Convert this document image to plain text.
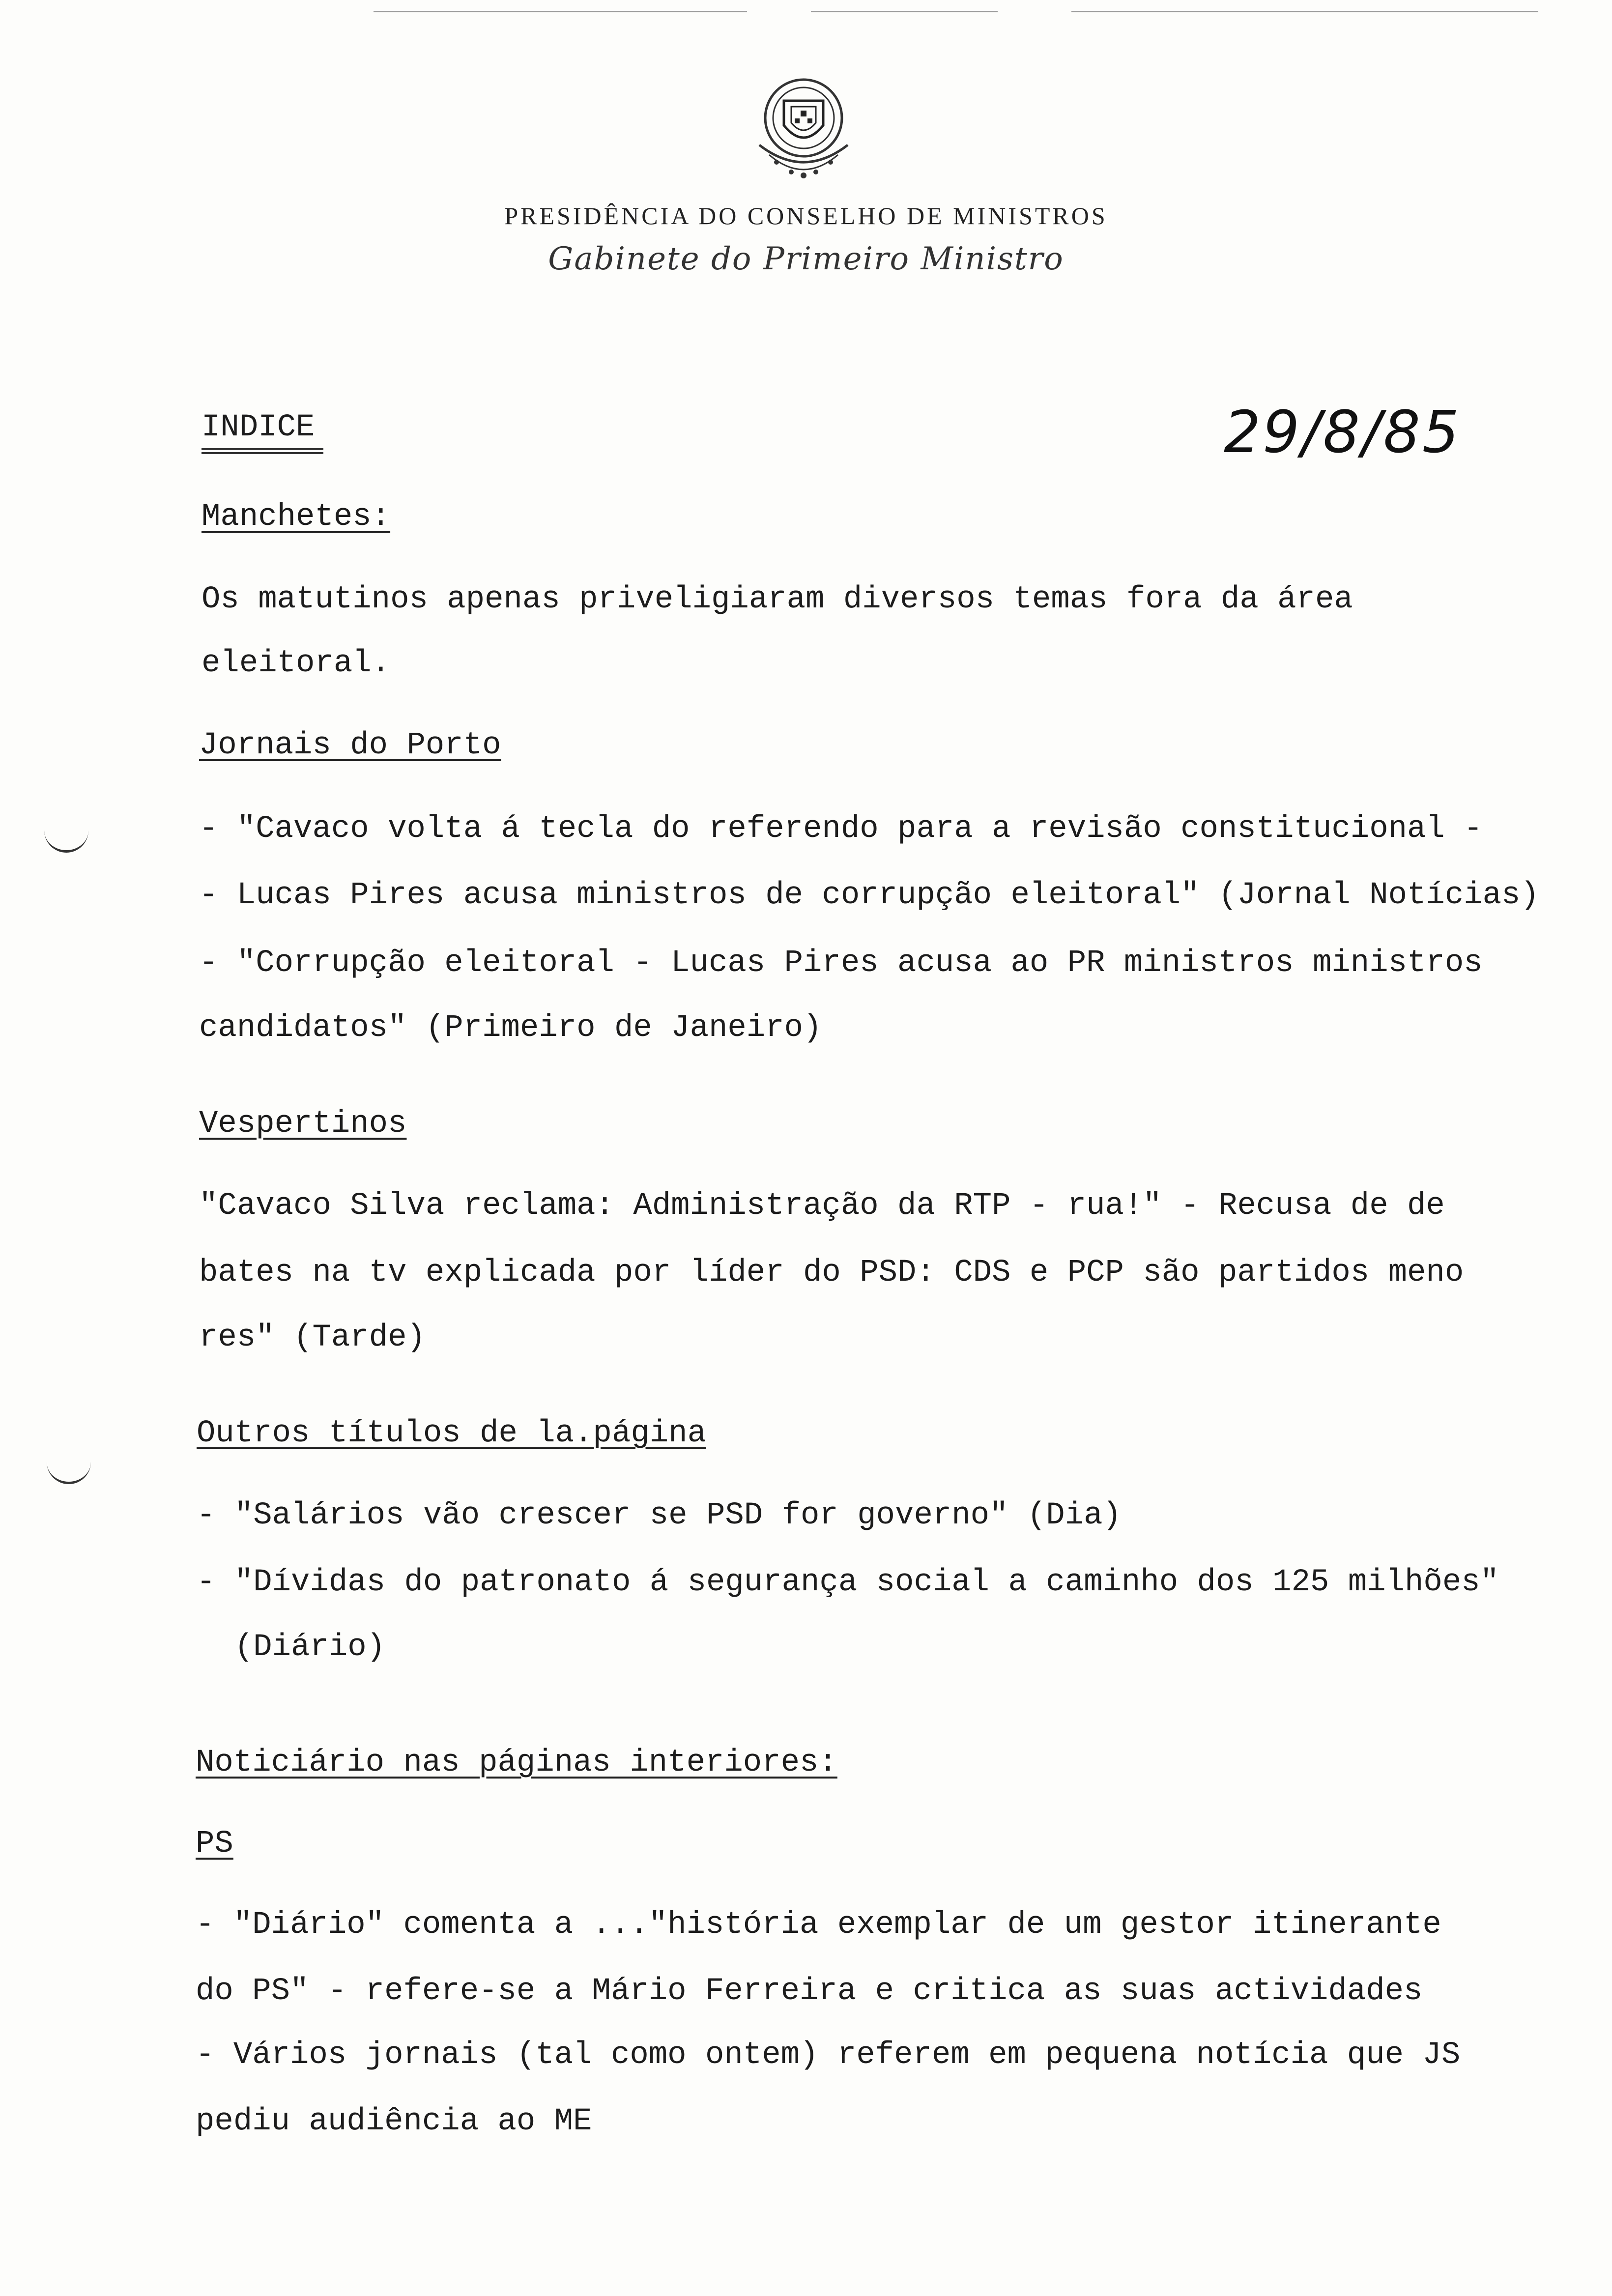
PRESIDÊNCIA DO CONSELHO DE MINISTROS
Gabinete do Primeiro Ministro
INDICE	29/8/85
Manchetes:
Os matutinos apenas priveligiaram diversos temas fora da área
eleitoral.
Jornais do Porto
- "Cavaco volta á tecla do referendo para a revisão constitucional -
- Lucas Pires acusa ministros de corrupção eleitoral" (Jornal Notícias)
- "Corrupção eleitoral - Lucas Pires acusa ao PR ministros ministros
candidatos" (Primeiro de Janeiro)
Vespertinos
"Cavaco Silva reclama: Administração da RTP - rua!" - Recusa de de
bates na tv explicada por líder do PSD: CDS e PCP são partidos meno
res" (Tarde)
Outros títulos de la.página
- "Salários vão crescer se PSD for governo" (Dia)
- "Dívidas do patronato á segurança social a caminho dos 125 milhões"
(Diário)
Noticiário nas páginas interiores:
PS
- "Diário" comenta a ..."história exemplar de um gestor itinerante
do PS" - refere-se a Mário Ferreira e critica as suas actividades
- Vários jornais (tal como ontem) referem em pequena notícia que JS
pediu audiência ao ME
